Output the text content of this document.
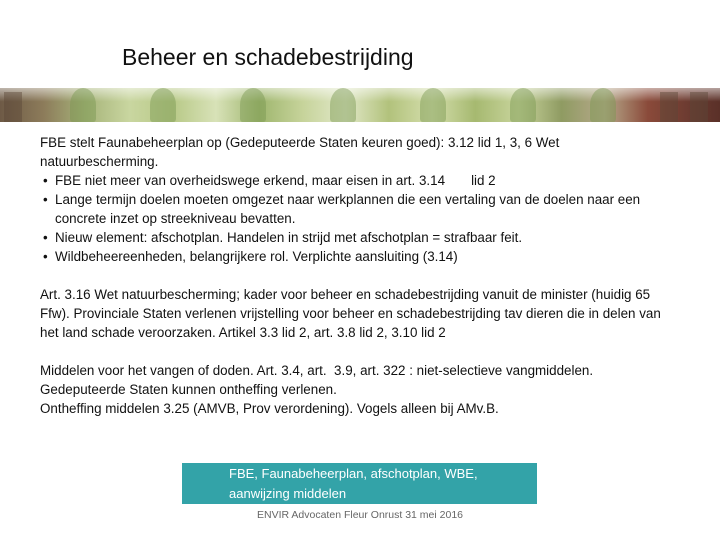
Beheer en schadebestrijding

FBE stelt Faunabeheerplan op (Gedeputeerde Staten keuren goed): 3.12 lid 1, 3, 6 Wet natuurbescherming.

• FBE niet meer van overheidswege erkend, maar eisen in art. 3.14       lid 2
• Lange termijn doelen moeten omgezet naar werkplannen die een vertaling van de doelen naar een concrete inzet op streekniveau bevatten.
• Nieuw element: afschotplan. Handelen in strijd met afschotplan = strafbaar feit.
• Wildbeheereenheden, belangrijkere rol. Verplichte aansluiting (3.14)

Art. 3.16 Wet natuurbescherming; kader voor beheer en schadebestrijding vanuit de minister (huidig 65 Ffw). Provinciale Staten verlenen vrijstelling voor beheer en schadebestrijding tav dieren die in delen van het land schade veroorzaken. Artikel 3.3 lid 2, art. 3.8 lid 2, 3.10 lid 2

Middelen voor het vangen of doden. Art. 3.4, art.  3.9, art. 322 : niet-selectieve vangmiddelen.

Gedeputeerde Staten kunnen ontheffing verlenen.

Ontheffing middelen 3.25 (AMVB, Prov verordening). Vogels alleen bij AMv.B.

FBE, Faunabeheerplan, afschotplan, WBE,
aanwijzing middelen
ENVIR Advocaten Fleur Onrust 31 mei 2016
